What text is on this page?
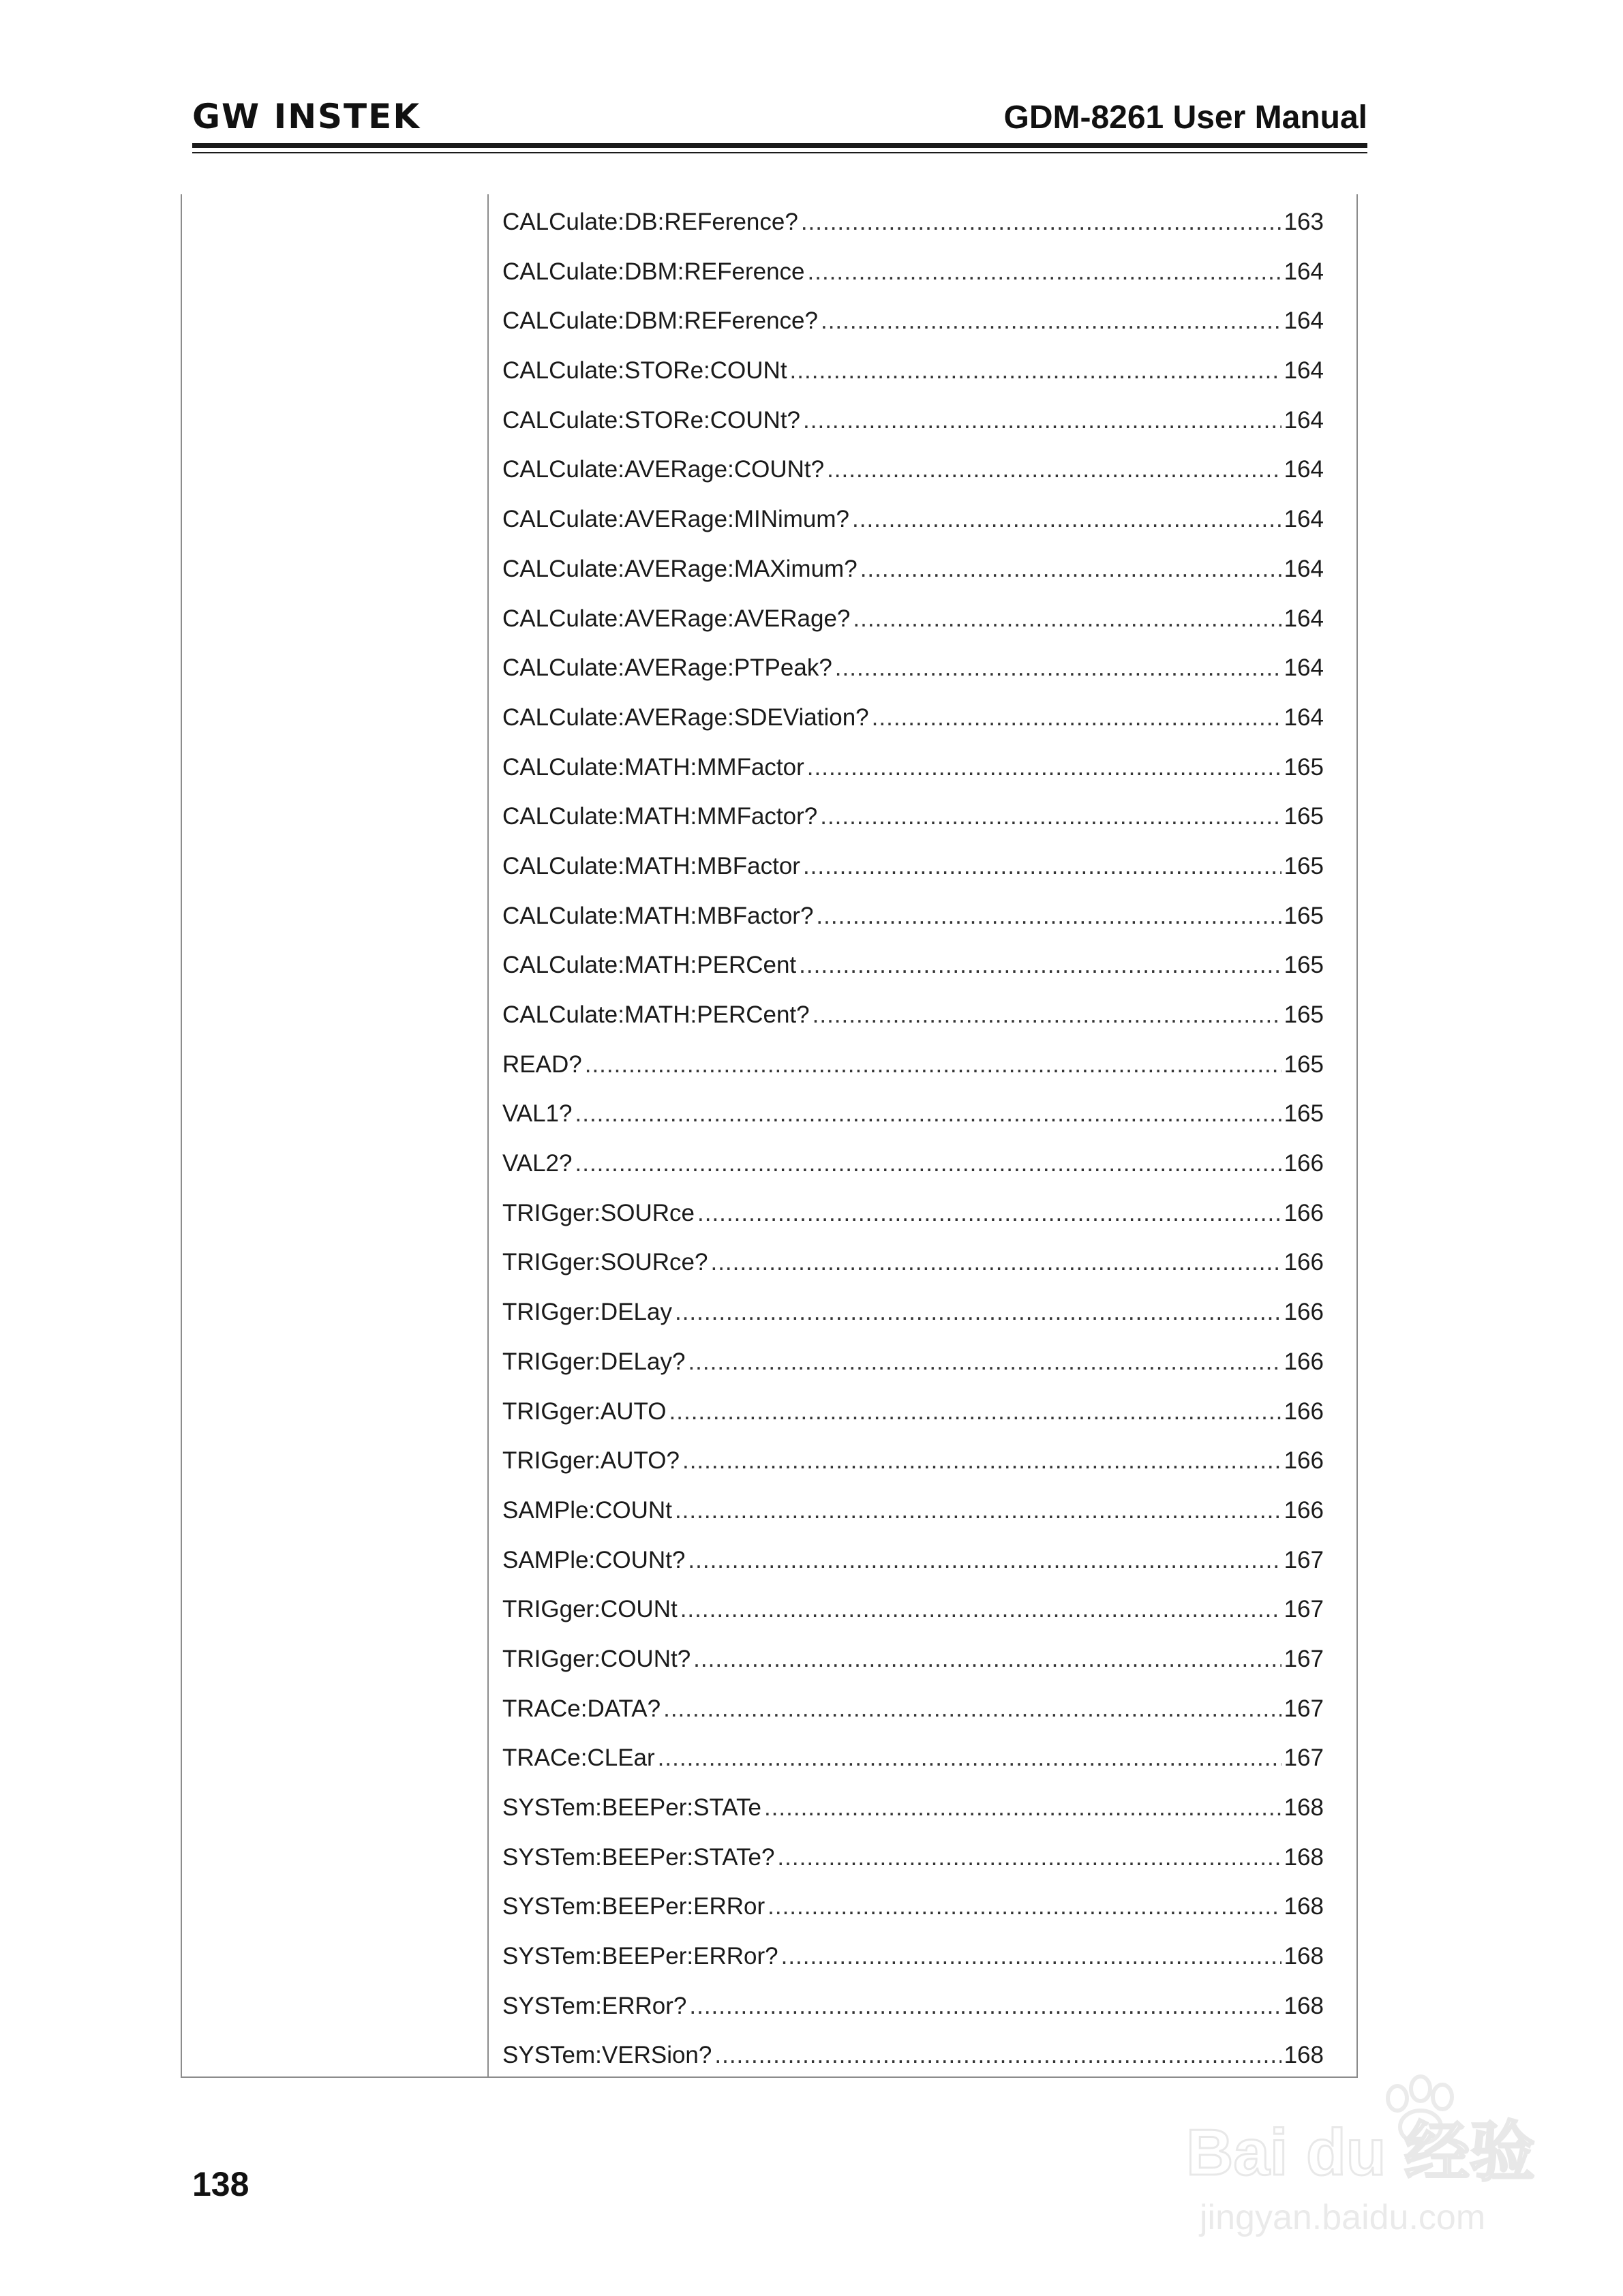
GW INSTEK	GDM-8261 User Manual
CALCulate:DB:REFerence? .....	163
CALCulate:DBM:REFerence .....	164
CALCulate:DBM:REFerence? .....	164
CALCulate:STORe:COUNt .....	164
CALCulate:STORe:COUNt? .....	164
CALCulate:AVERage:COUNt? .....	164
CALCulate:AVERage:MINimum? .....	164
CALCulate:AVERage:MAXimum? .....	164
CALCulate:AVERage:AVERage? .....	164
CALCulate:AVERage:PTPeak? .....	164
CALCulate:AVERage:SDEViation? .....	164
CALCulate:MATH:MMFactor .....	165
CALCulate:MATH:MMFactor? .....	165
CALCulate:MATH:MBFactor .....	165
CALCulate:MATH:MBFactor? .....	165
CALCulate:MATH:PERCent .....	165
CALCulate:MATH:PERCent? .....	165
READ? .....	165
VAL1? .....	165
VAL2? .....	166
TRIGger:SOURce .....	166
TRIGger:SOURce? .....	166
TRIGger:DELay .....	166
TRIGger:DELay? .....	166
TRIGger:AUTO .....	166
TRIGger:AUTO? .....	166
SAMPle:COUNt .....	166
SAMPle:COUNt? .....	167
TRIGger:COUNt .....	167
TRIGger:COUNt? .....	167
TRACe:DATA? .....	167
TRACe:CLEar .....	167
SYSTem:BEEPer:STATe .....	168
SYSTem:BEEPer:STATe? .....	168
SYSTem:BEEPer:ERRor .....	168
SYSTem:BEEPer:ERRor? .....	168
SYSTem:ERRor? .....	168
SYSTem:VERSion? .....	168
138	Bai du 经验
jingyan.baidu.com
